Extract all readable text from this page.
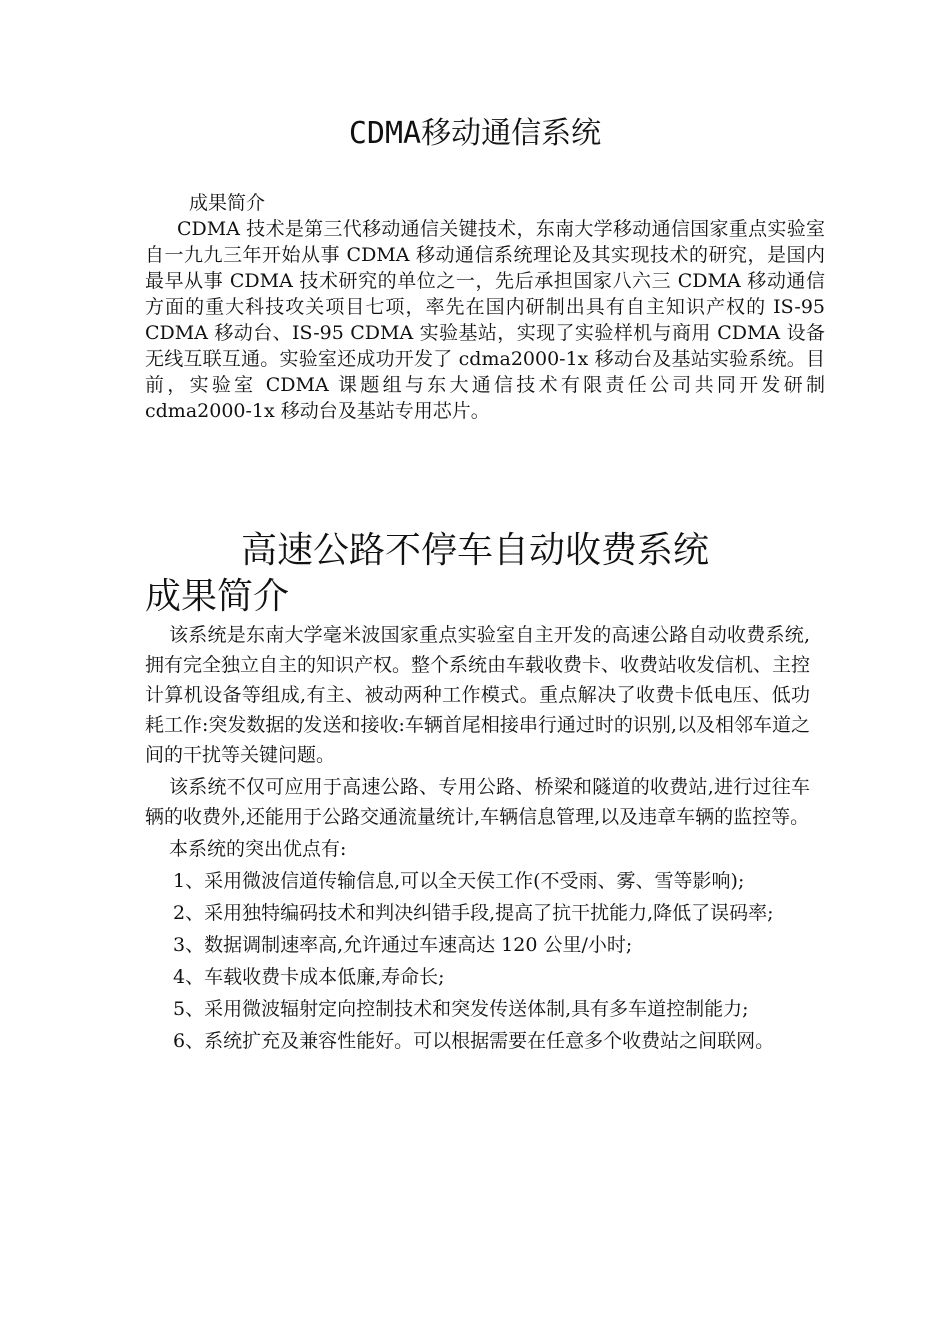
CDMA移动通信系统
成果简介
CDMA 技术是第三代移动通信关键技术，东南大学移动通信国家重点实验室自一九九三年开始从事 CDMA 移动通信系统理论及其实现技术的研究，是国内最早从事 CDMA 技术研究的单位之一，先后承担国家八六三 CDMA 移动通信方面的重大科技攻关项目七项，率先在国内研制出具有自主知识产权的 IS-95 CDMA 移动台、IS-95 CDMA 实验基站，实现了实验样机与商用 CDMA 设备无线互联互通。实验室还成功开发了 cdma2000-1x 移动台及基站实验系统。目前，实验室 CDMA 课题组与东大通信技术有限责任公司共同开发研制 cdma2000-1x 移动台及基站专用芯片。
高速公路不停车自动收费系统
成果简介

该系统是东南大学毫米波国家重点实验室自主开发的高速公路自动收费系统,拥有完全独立自主的知识产权。整个系统由车载收费卡、收费站收发信机、主控计算机设备等组成,有主、被动两种工作模式。重点解决了收费卡低电压、低功耗工作:突发数据的发送和接收:车辆首尾相接串行通过时的识别,以及相邻车道之间的干扰等关键问题。

该系统不仅可应用于高速公路、专用公路、桥梁和隧道的收费站,进行过往车辆的收费外,还能用于公路交通流量统计,车辆信息管理,以及违章车辆的监控等。

本系统的突出优点有:

1、采用微波信道传输信息,可以全天侯工作(不受雨、雾、雪等影响);

2、采用独特编码技术和判决纠错手段,提高了抗干扰能力,降低了误码率;

3、数据调制速率高,允许通过车速高达 120 公里/小时;

4、车载收费卡成本低廉,寿命长;

5、采用微波辐射定向控制技术和突发传送体制,具有多车道控制能力;

6、系统扩充及兼容性能好。可以根据需要在任意多个收费站之间联网。
